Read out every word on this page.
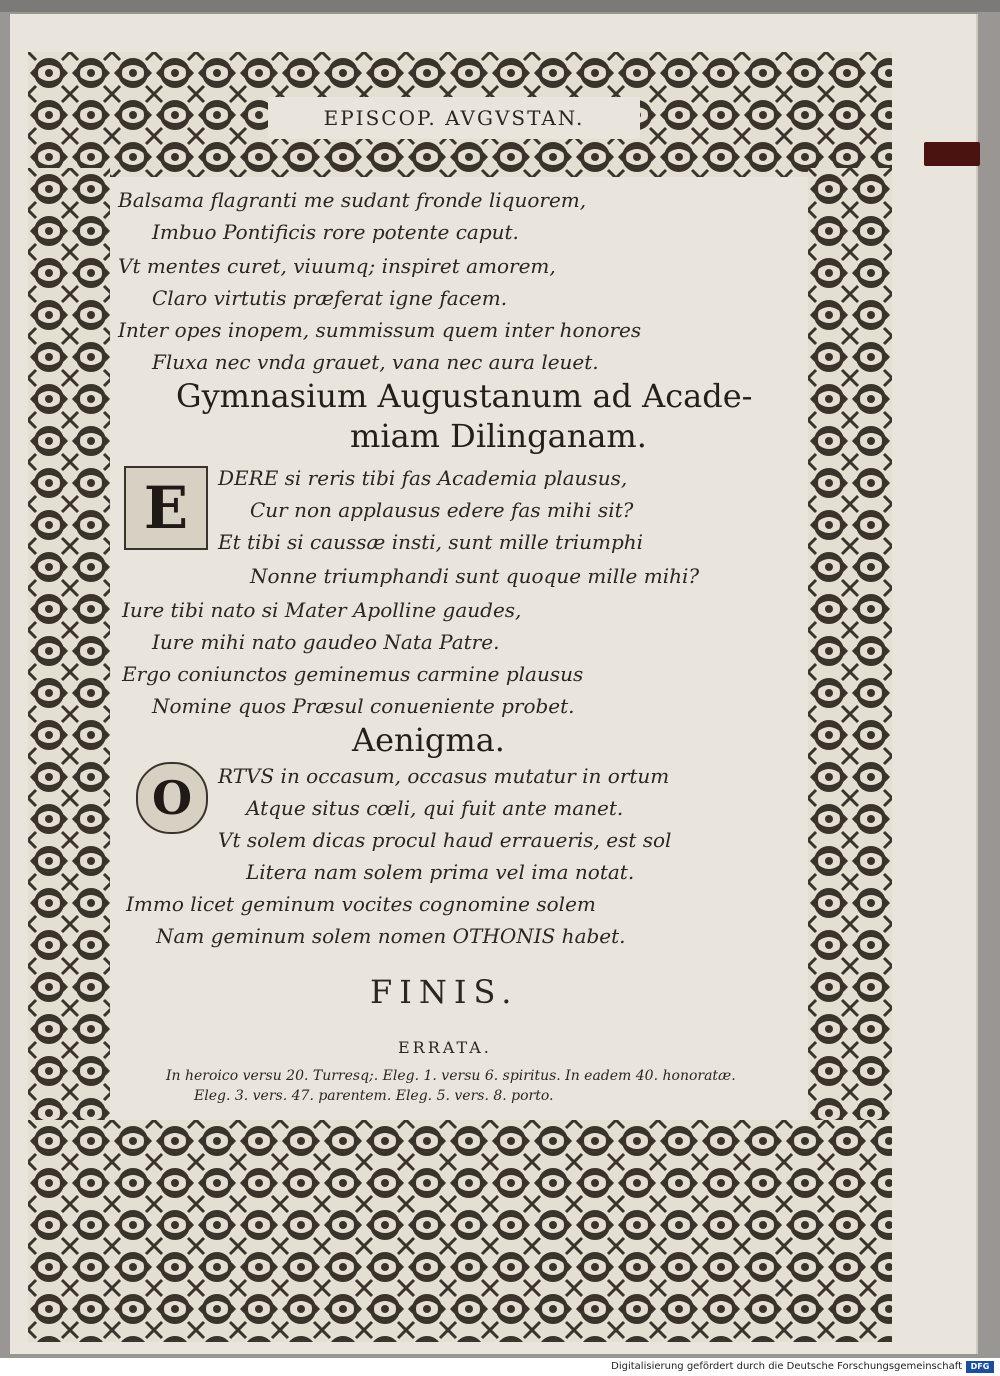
EPISCOP. AVGVSTAN.
Balsama flagranti me sudant fronde liquorem,
Imbuo Pontificis rore potente caput.
Vt mentes curet, viuumq; inspiret amorem,
Claro virtutis præferat igne facem.
Inter opes inopem, summissum quem inter honores
Fluxa nec vnda grauet, vana nec aura leuet.
Gymnasium Augustanum ad Acade-
miam Dilinganam.
E	DERE si reris tibi fas Academia plausus,
Cur non applausus edere fas mihi sit?
Et tibi si caussæ insti, sunt mille triumphi
Nonne triumphandi sunt quoque mille mihi?
Iure tibi nato si Mater Apolline gaudes,
Iure mihi nato gaudeo Nata Patre.
Ergo coniunctos geminemus carmine plausus
Nomine quos Præsul conueniente probet.
Aenigma.
O	RTVS in occasum, occasus mutatur in ortum
Atque situs cœli, qui fuit ante manet.
Vt solem dicas procul haud erraueris, est sol
Litera nam solem prima vel ima notat.
Immo licet geminum vocites cognomine solem
Nam geminum solem nomen OTHONIS habet.
FINIS.
ERRATA.
In heroico versu 20. Turresq;. Eleg. 1. versu 6. spiritus. In eadem 40. honoratæ.
Eleg. 3. vers. 47. parentem. Eleg. 5. vers. 8. porto.
Digitalisierung gefördert durch die Deutsche Forschungsgemeinschaft	DFG
